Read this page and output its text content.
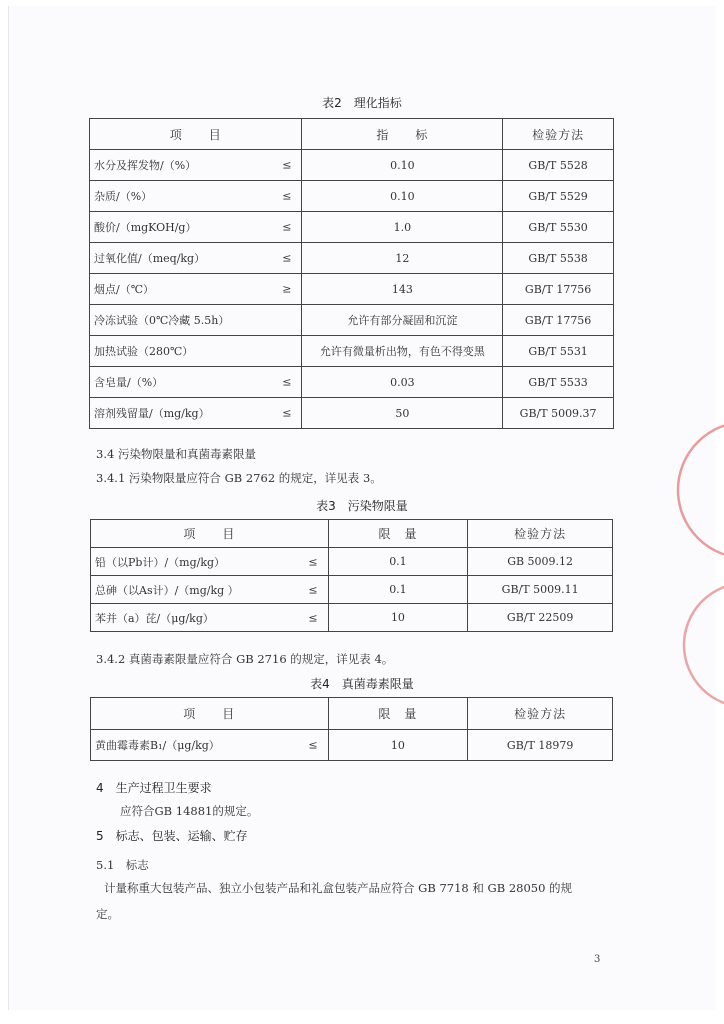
表2　理化指标
项　　目	指　　标	检验方法
水分及挥发物/（%） ≤	0.10	GB/T 5528
杂质/（%） ≤	0.10	GB/T 5529
酸价/（mgKOH/g） ≤	1.0	GB/T 5530
过氧化值/（meq/kg） ≤	12	GB/T 5538
烟点/（℃） ≥	143	GB/T 17756
冷冻试验（0℃冷藏 5.5h）	允许有部分凝固和沉淀	GB/T 17756
加热试验（280℃）	允许有微量析出物，有色不得变黑	GB/T 5531
含皂量/（%） ≤	0.03	GB/T 5533
溶剂残留量/（mg/kg） ≤	50	GB/T 5009.37
3.4 污染物限量和真菌毒素限量
3.4.1 污染物限量应符合 GB 2762 的规定，详见表 3。
表3　污染物限量
项　　目	限　量	检验方法
铅（以Pb计）/（mg/kg） ≤	0.1	GB 5009.12
总砷（以As计）/（mg/kg ） ≤	0.1	GB/T 5009.11
苯并（a）芘/（μg/kg） ≤	10	GB/T 22509
3.4.2 真菌毒素限量应符合 GB 2716 的规定，详见表 4。
表4　真菌毒素限量
项　　目	限　量	检验方法
黄曲霉毒素B₁/（μg/kg） ≤	10	GB/T 18979
4　生产过程卫生要求
应符合GB 14881的规定。
5　标志、包装、运输、贮存
5.1　标志
计量称重大包装产品、独立小包装产品和礼盒包装产品应符合 GB 7718 和 GB 28050 的规
定。
3
